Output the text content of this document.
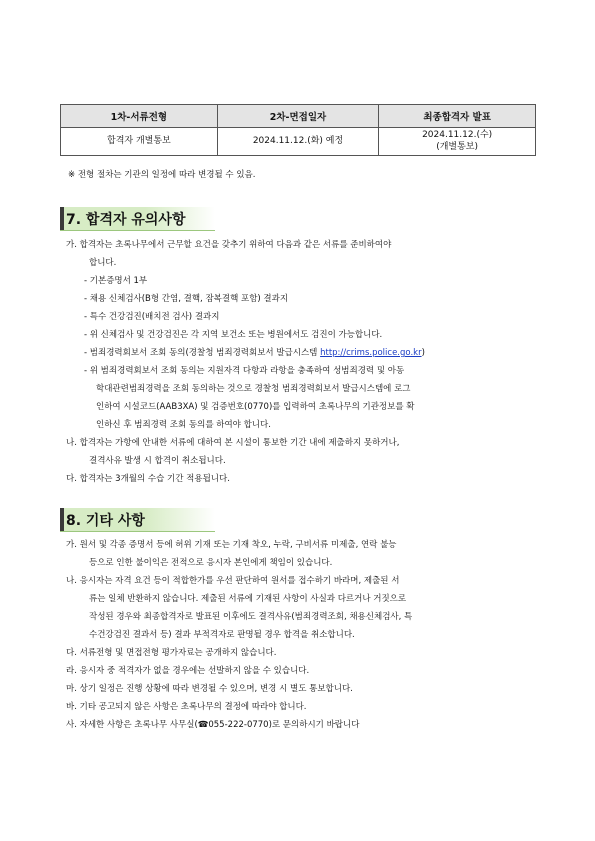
1차-서류전형	2차-면접일자	최종합격자 발표
합격자 개별통보	2024.11.12.(화) 예정	2024.11.12.(수)
(개별통보)
※ 전형 절차는 기관의 일정에 따라 변경될 수 있음.
7. 합격자 유의사항
가. 합격자는 초록나무에서 근무할 요건을 갖추기 위하여 다음과 같은 서류를 준비하여야
합니다.
- 기본증명서 1부
- 채용 신체검사(B형 간염, 결핵, 잠복결핵 포함) 결과지
- 특수 건강검진(배치전 검사) 결과지
- 위 신체검사 및 건강검진은 각 지역 보건소 또는 병원에서도 검진이 가능합니다.
- 범죄경력회보서 조회 동의(경찰청 범죄경력회보서 발급시스템 http://crims.police.go.kr)
- 위 범죄경력회보서 조회 동의는 지원자격 다항과 라항을 충족하여 성범죄경력 및 아동
학대관련범죄경력을 조회 동의하는 것으로 경찰청 범죄경력회보서 발급시스템에 로그
인하여 시설코드(AAB3XA) 및 검증번호(0770)를 입력하여 초록나무의 기관정보를 확
인하신 후 범죄경력 조회 동의를 하여야 합니다.
나. 합격자는 가항에 안내한 서류에 대하여 본 시설이 통보한 기간 내에 제출하지 못하거나,
결격사유 발생 시 합격이 취소됩니다.
다. 합격자는 3개월의 수습 기간 적용됩니다.
8. 기타 사항
가. 원서 및 각종 증명서 등에 허위 기재 또는 기재 착오, 누락, 구비서류 미제출, 연락 불능
등으로 인한 불이익은 전적으로 응시자 본인에게 책임이 있습니다.
나. 응시자는 자격 요건 등이 적합한가를 우선 판단하여 원서를 접수하기 바라며, 제출된 서
류는 일체 반환하지 않습니다. 제출된 서류에 기재된 사항이 사실과 다르거나 거짓으로
작성된 경우와 최종합격자로 발표된 이후에도 결격사유(범죄경력조회, 채용신체검사, 특
수건강검진 결과서 등) 결과 부적격자로 판명될 경우 합격을 취소합니다.
다. 서류전형 및 면접전형 평가자료는 공개하지 않습니다.
라. 응시자 중 적격자가 없을 경우에는 선발하지 않을 수 있습니다.
마. 상기 일정은 진행 상황에 따라 변경될 수 있으며, 변경 시 별도 통보합니다.
바. 기타 공고되지 않은 사항은 초록나무의 결정에 따라야 합니다.
사. 자세한 사항은 초록나무 사무실(☎055-222-0770)로 문의하시기 바랍니다
